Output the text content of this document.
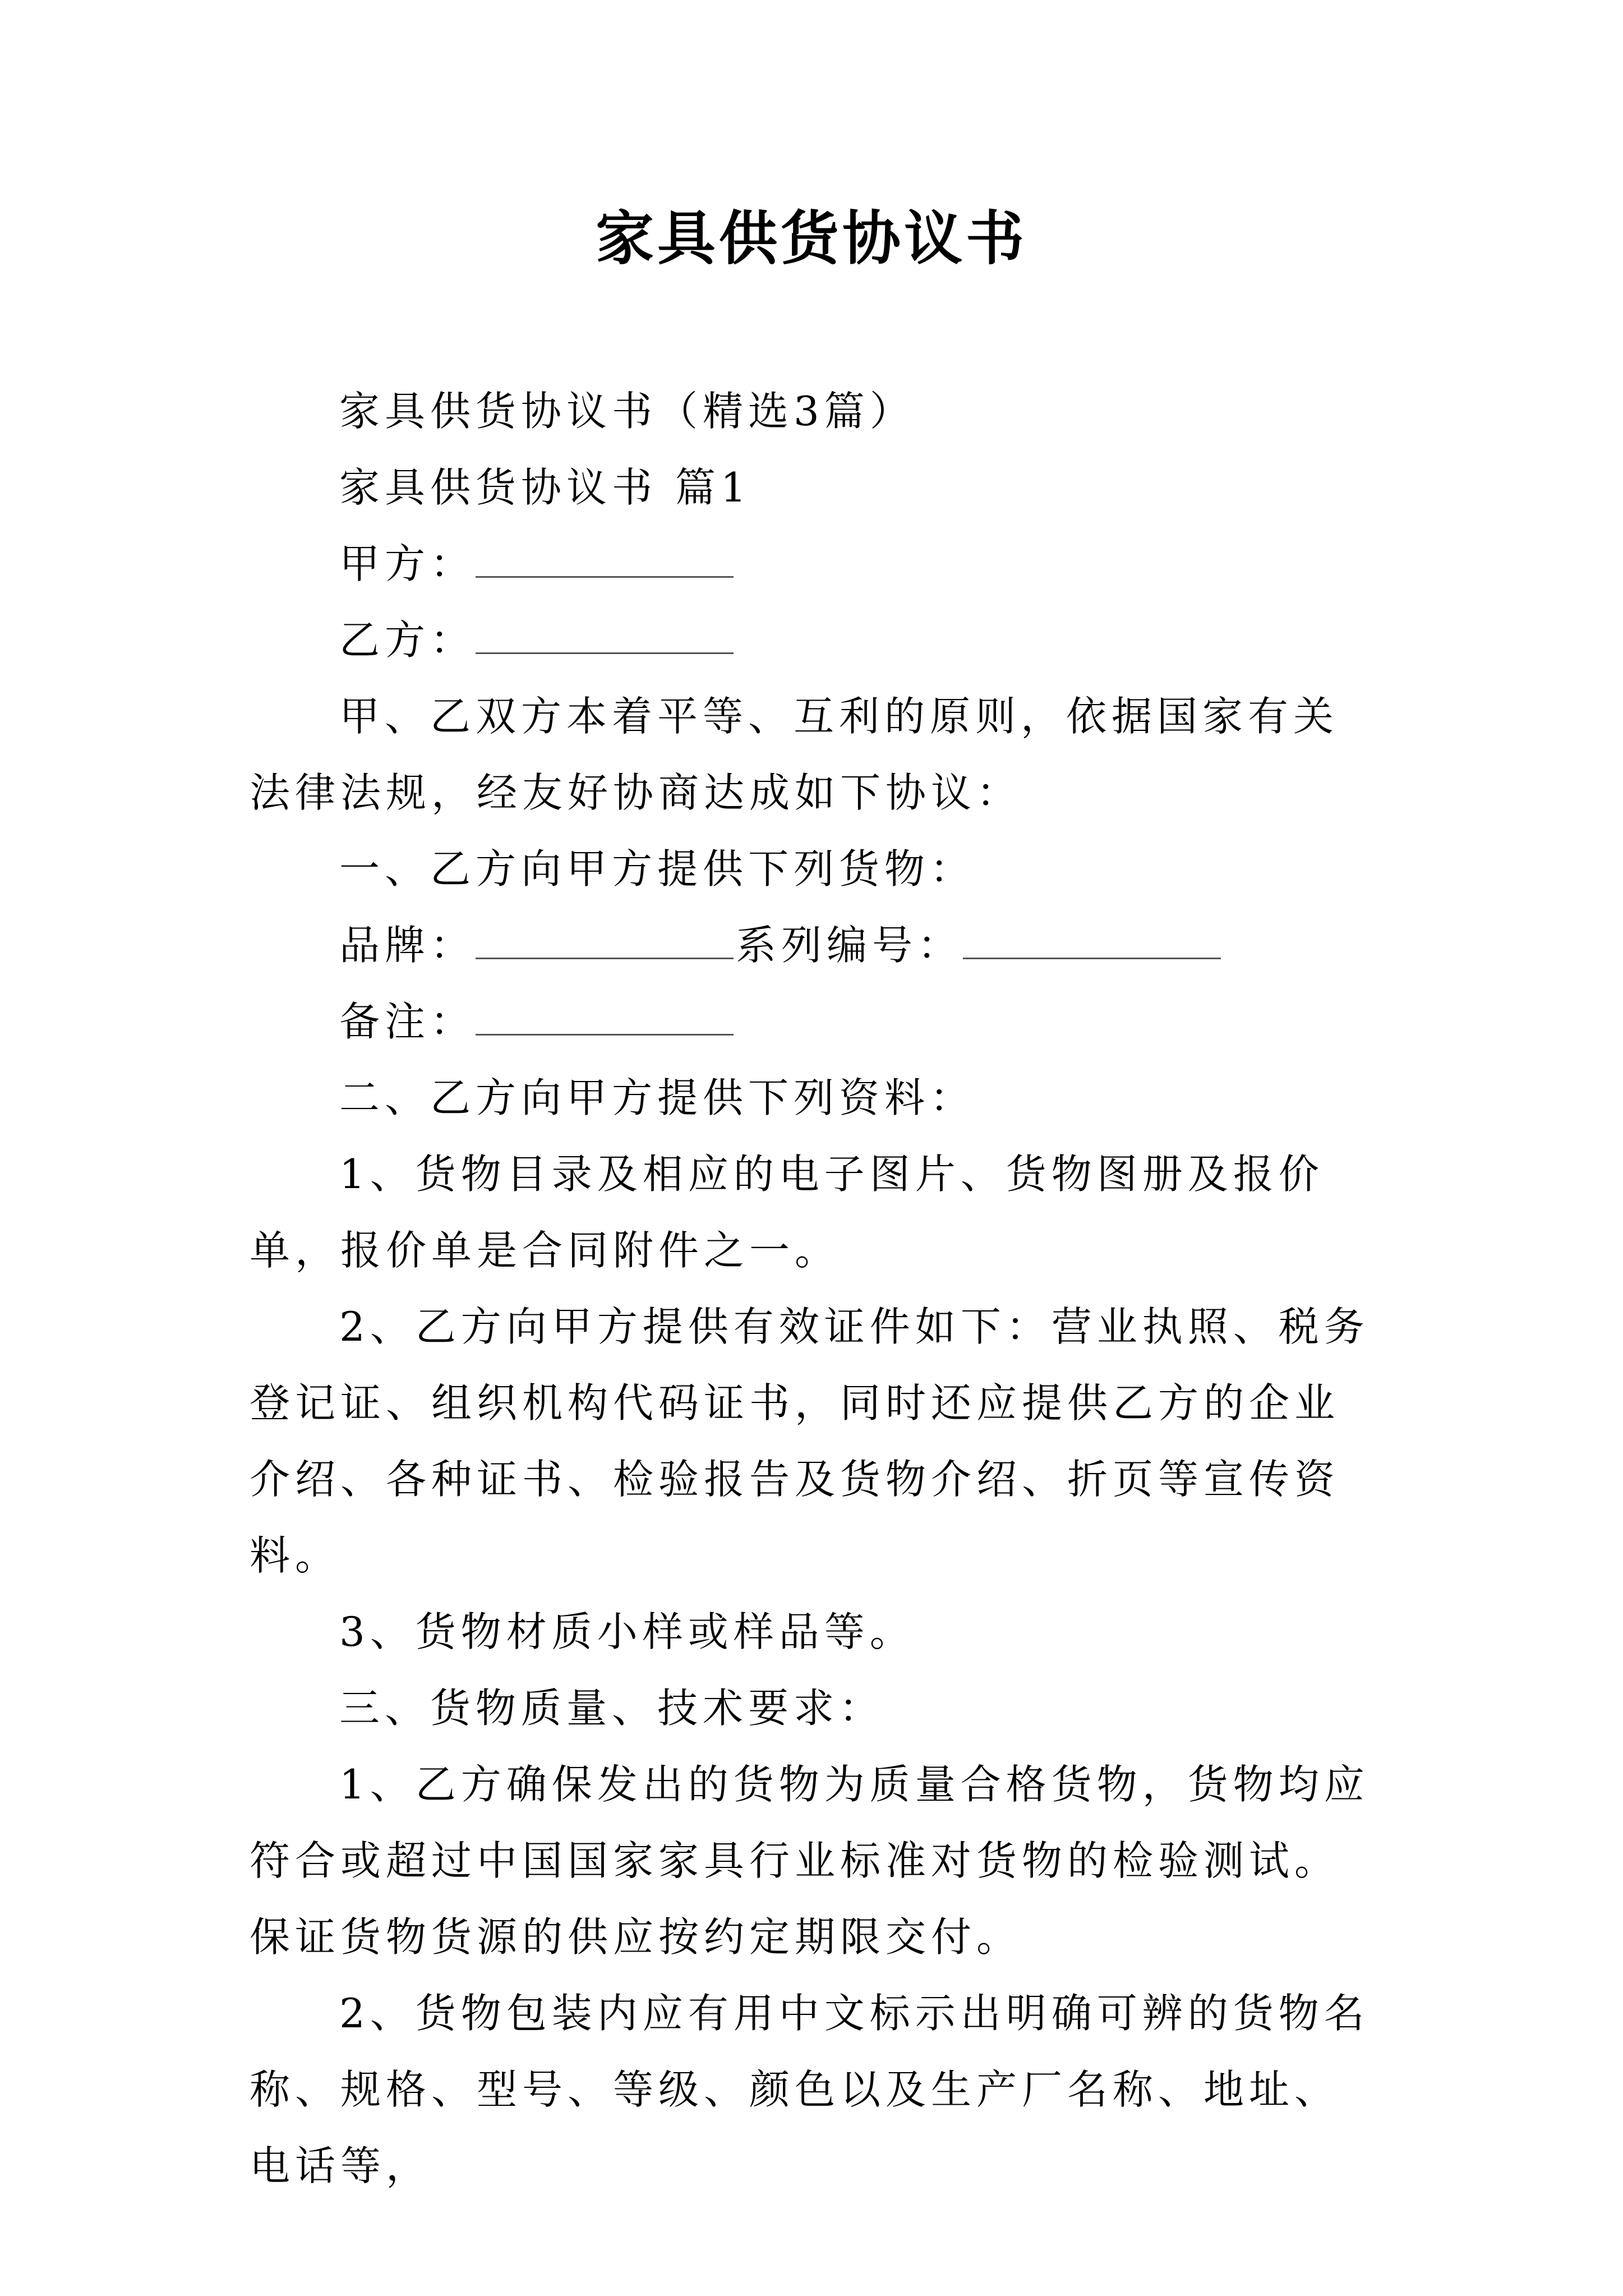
家具供货协议书

家具供货协议书（精选3篇）

家具供货协议书 篇1

甲方：

乙方：

甲、乙双方本着平等、互利的原则，依据国家有关法律法规，经友好协商达成如下协议：

一、乙方向甲方提供下列货物：

品牌：	系列编号：

备注：

二、乙方向甲方提供下列资料：

1、货物目录及相应的电子图片、货物图册及报价单，报价单是合同附件之一。

2、乙方向甲方提供有效证件如下：营业执照、税务登记证、组织机构代码证书，同时还应提供乙方的企业介绍、各种证书、检验报告及货物介绍、折页等宣传资料。

3、货物材质小样或样品等。

三、货物质量、技术要求：

1、乙方确保发出的货物为质量合格货物，货物均应符合或超过中国国家家具行业标准对货物的检验测试。保证货物货源的供应按约定期限交付。

2、货物包装内应有用中文标示出明确可辨的货物名称、规格、型号、等级、颜色以及生产厂名称、地址、电话等，
